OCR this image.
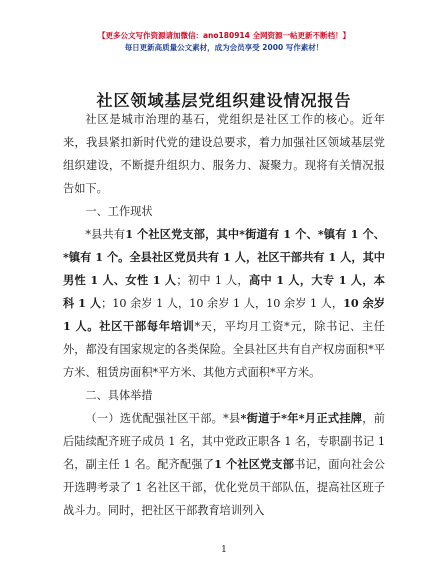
【更多公文写作资源请加微信：ano180914 全网资源一帖更新不断档！】
每日更新高质量公文素材，成为会员享受 2000 写作素材！
社区领域基层党组织建设情况报告

社区是城市治理的基石，党组织是社区工作的核心。近年来，我县紧扣新时代党的建设总要求，着力加强社区领域基层党组织建设，不断提升组织力、服务力、凝聚力。现将有关情况报告如下。

一、工作现状

*县共有1 个社区党支部，其中*街道有 1 个、*镇有 1 个、*镇有 1 个。全县社区党员共有 1 人，社区干部共有 1 人，其中男性 1 人、女性 1 人；初中 1 人，高中 1 人，大专 1 人，本科 1 人；10 余岁 1 人，10 余岁 1 人，10 余岁 1 人，10 余岁 1 人。社区干部每年培训*天，平均月工资*元，除书记、主任外，都没有国家规定的各类保险。全县社区共有自产权房面积*平方米、租赁房面积*平方米、其他方式面积*平方米。

二、具体举措

（一）选优配强社区干部。*县*街道于*年*月正式挂牌，前后陆续配齐班子成员 1 名，其中党政正职各 1 名，专职副书记 1 名，副主任 1 名。配齐配强了1 个社区党支部书记，面向社会公开选聘考录了 1 名社区干部，优化党员干部队伍，提高社区班子战斗力。同时，把社区干部教育培训列入

1
